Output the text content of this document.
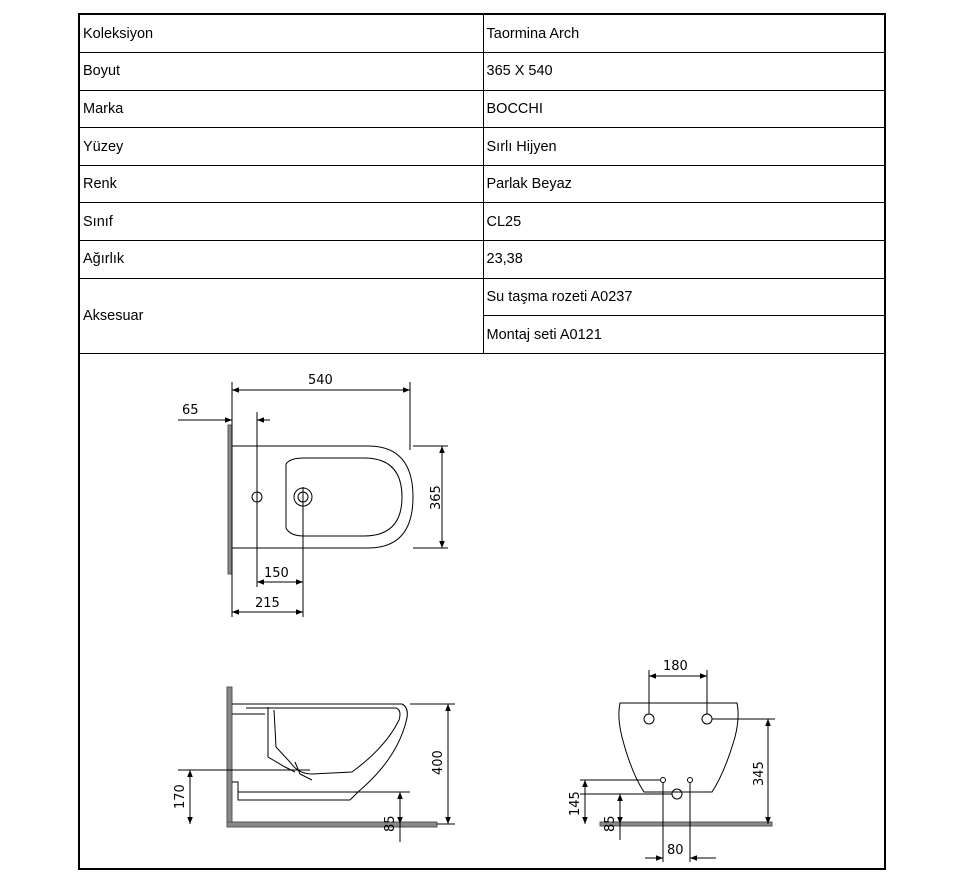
Koleksiyon	Taormina Arch
Boyut	365 X 540
Marka	BOCCHI
Yüzey	Sırlı Hijyen
Renk	Parlak Beyaz
Sınıf	CL25
Ağırlık	23,38
Aksesuar	Su taşma rozeti A0237
	Montaj seti A0121
540
65
365
150
215
400
170
85
180
345
145
85
80
